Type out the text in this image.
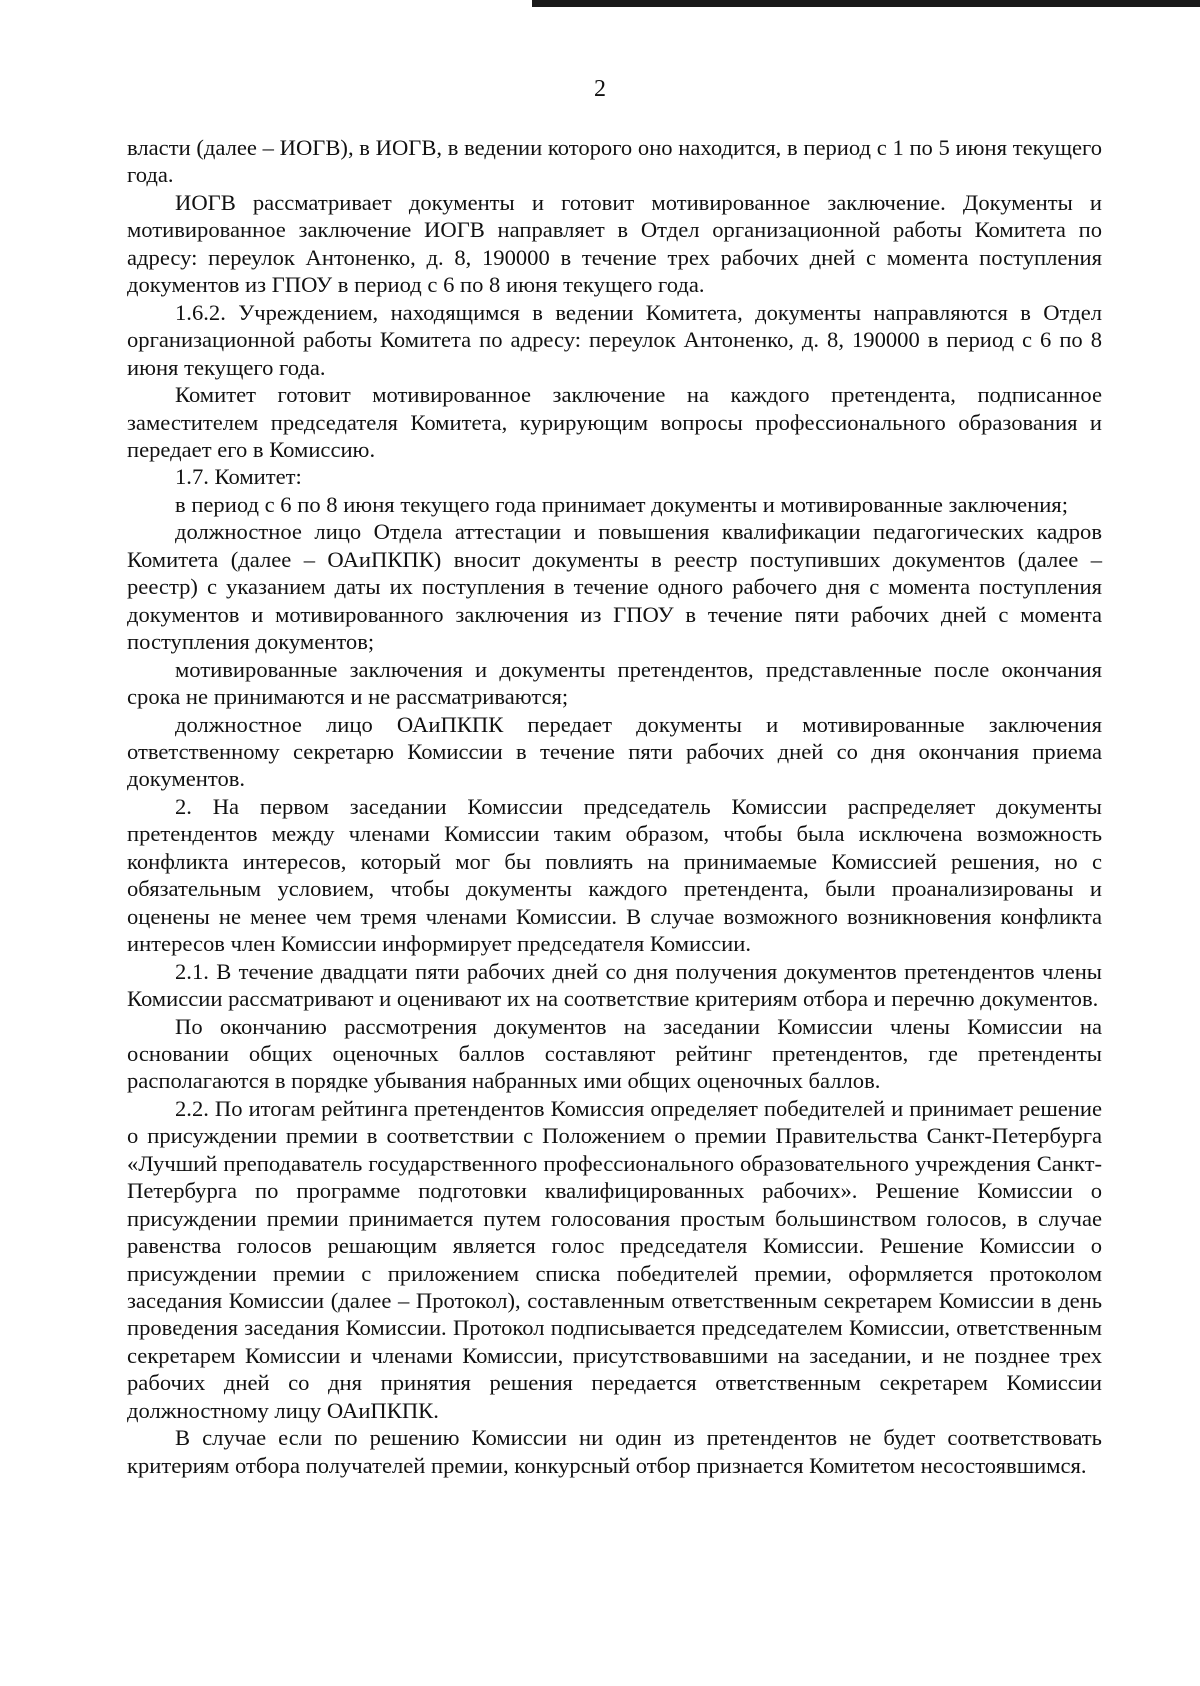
2

власти (далее – ИОГВ), в ИОГВ, в ведении которого оно находится, в период с 1 по 5 июня текущего года.

ИОГВ рассматривает документы и готовит мотивированное заключение. Документы и мотивированное заключение ИОГВ направляет в Отдел организационной работы Комитета по адресу: переулок Антоненко, д. 8, 190000 в течение трех рабочих дней с момента поступления документов из ГПОУ в период с 6 по 8 июня текущего года.

1.6.2. Учреждением, находящимся в ведении Комитета, документы направляются в Отдел организационной работы Комитета по адресу: переулок Антоненко, д. 8, 190000 в период с 6 по 8 июня текущего года.

Комитет готовит мотивированное заключение на каждого претендента, подписанное заместителем председателя Комитета, курирующим вопросы профессионального образования и передает его в Комиссию.

1.7. Комитет:

в период с 6 по 8 июня текущего года принимает документы и мотивированные заключения;

должностное лицо Отдела аттестации и повышения квалификации педагогических кадров Комитета (далее – ОАиПКПК) вносит документы в реестр поступивших документов (далее – реестр) с указанием даты их поступления в течение одного рабочего дня с момента поступления документов и мотивированного заключения из ГПОУ в течение пяти рабочих дней с момента поступления документов;

мотивированные заключения и документы претендентов, представленные после окончания срока не принимаются и не рассматриваются;

должностное лицо ОАиПКПК передает документы и мотивированные заключения ответственному секретарю Комиссии в течение пяти рабочих дней со дня окончания приема документов.

2. На первом заседании Комиссии председатель Комиссии распределяет документы претендентов между членами Комиссии таким образом, чтобы была исключена возможность конфликта интересов, который мог бы повлиять на принимаемые Комиссией решения, но с обязательным условием, чтобы документы каждого претендента, были проанализированы и оценены не менее чем тремя членами Комиссии. В случае возможного возникновения конфликта интересов член Комиссии информирует председателя Комиссии.

2.1. В течение двадцати пяти рабочих дней со дня получения документов претендентов члены Комиссии рассматривают и оценивают их на соответствие критериям отбора и перечню документов.

По окончанию рассмотрения документов на заседании Комиссии члены Комиссии на основании общих оценочных баллов составляют рейтинг претендентов, где претенденты располагаются в порядке убывания набранных ими общих оценочных баллов.

2.2. По итогам рейтинга претендентов Комиссия определяет победителей и принимает решение о присуждении премии в соответствии с Положением о премии Правительства Санкт-Петербурга «Лучший преподаватель государственного профессионального образовательного учреждения Санкт-Петербурга по программе подготовки квалифицированных рабочих». Решение Комиссии о присуждении премии принимается путем голосования простым большинством голосов, в случае равенства голосов решающим является голос председателя Комиссии. Решение Комиссии о присуждении премии с приложением списка победителей премии, оформляется протоколом заседания Комиссии (далее – Протокол), составленным ответственным секретарем Комиссии в день проведения заседания Комиссии. Протокол подписывается председателем Комиссии, ответственным секретарем Комиссии и членами Комиссии, присутствовавшими на заседании, и не позднее трех рабочих дней со дня принятия решения передается ответственным секретарем Комиссии должностному лицу ОАиПКПК.

В случае если по решению Комиссии ни один из претендентов не будет соответствовать критериям отбора получателей премии, конкурсный отбор признается Комитетом несостоявшимся.
